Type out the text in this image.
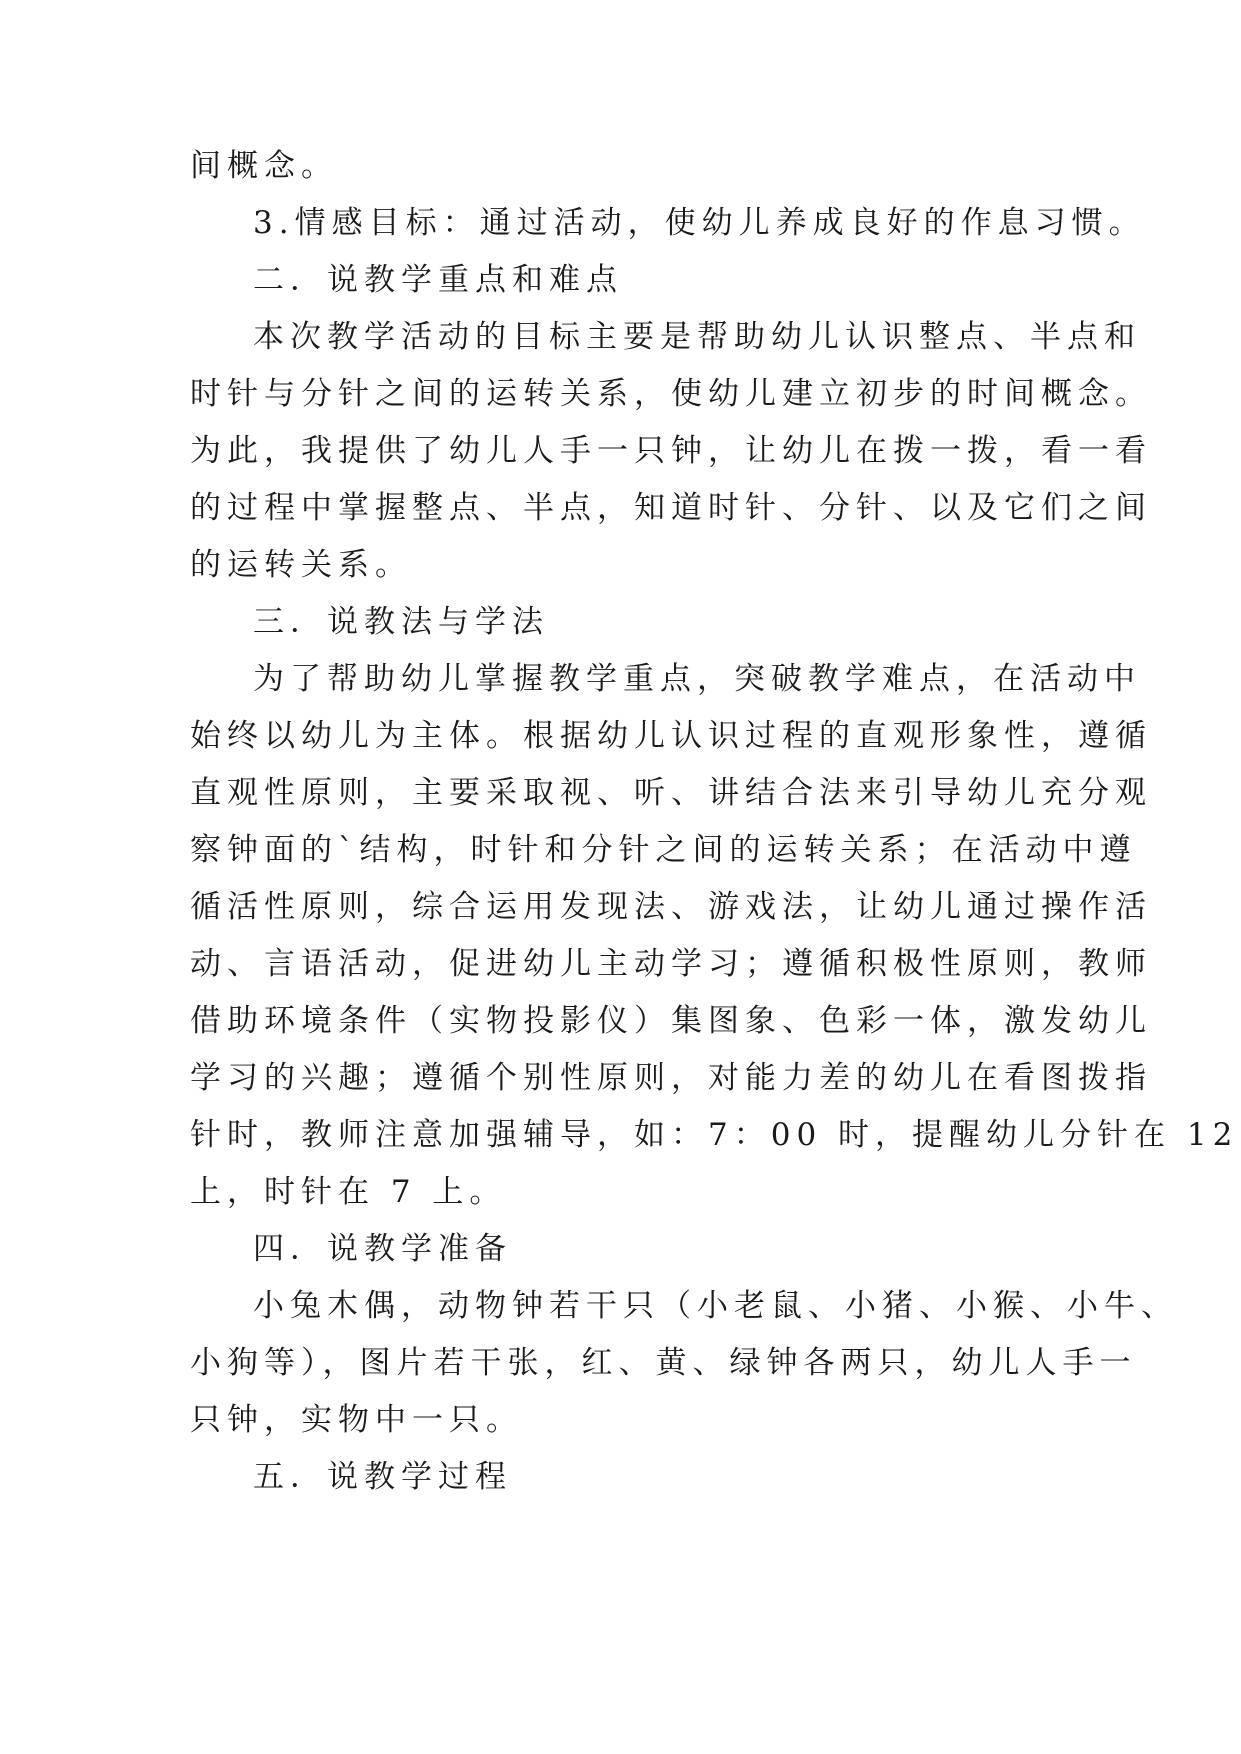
间概念。
3.情感目标：通过活动，使幼儿养成良好的作息习惯。
二．说教学重点和难点
本次教学活动的目标主要是帮助幼儿认识整点、半点和
时针与分针之间的运转关系，使幼儿建立初步的时间概念。
为此，我提供了幼儿人手一只钟，让幼儿在拨一拨，看一看
的过程中掌握整点、半点，知道时针、分针、以及它们之间
的运转关系。
三．说教法与学法
为了帮助幼儿掌握教学重点，突破教学难点，在活动中
始终以幼儿为主体。根据幼儿认识过程的直观形象性，遵循
直观性原则，主要采取视、听、讲结合法来引导幼儿充分观
察钟面的`结构，时针和分针之间的运转关系；在活动中遵
循活性原则，综合运用发现法、游戏法，让幼儿通过操作活
动、言语活动，促进幼儿主动学习；遵循积极性原则，教师
借助环境条件（实物投影仪）集图象、色彩一体，激发幼儿
学习的兴趣；遵循个别性原则，对能力差的幼儿在看图拨指
针时，教师注意加强辅导，如：7：00 时，提醒幼儿分针在 12
上，时针在 7 上。
四．说教学准备
小兔木偶，动物钟若干只（小老鼠、小猪、小猴、小牛、
小狗等），图片若干张，红、黄、绿钟各两只，幼儿人手一
只钟，实物中一只。
五．说教学过程
